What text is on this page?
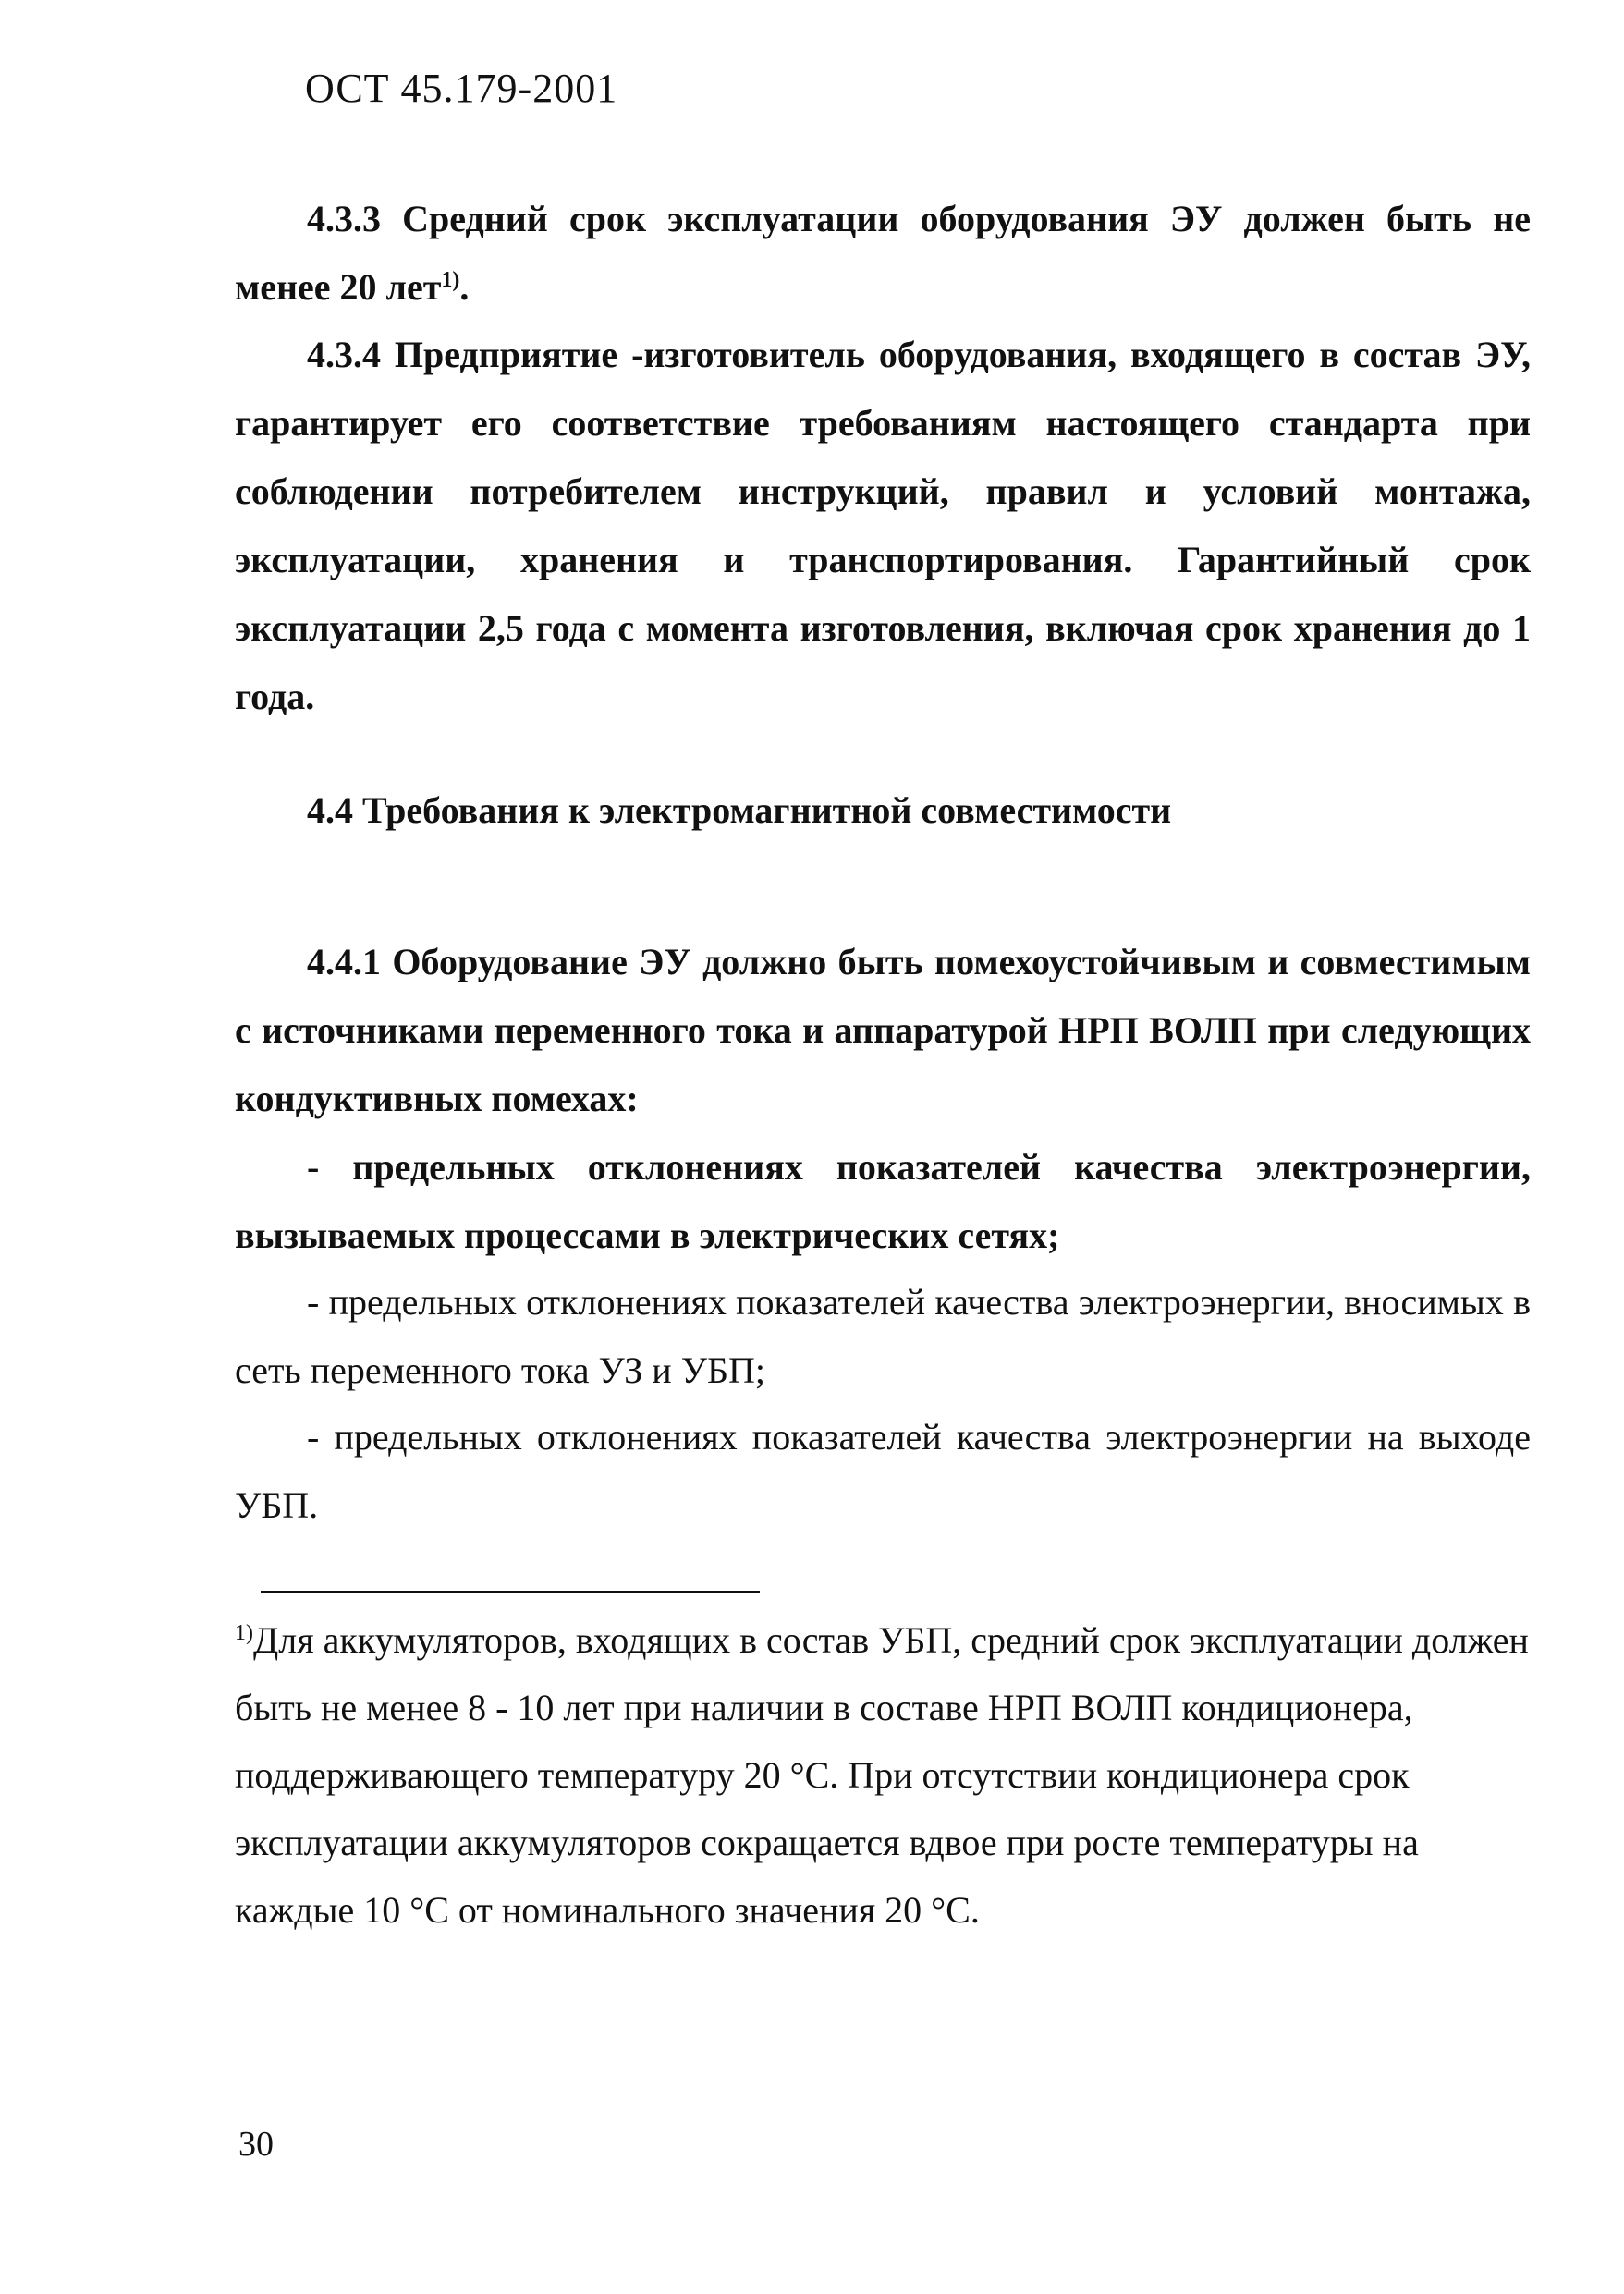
ОСТ 45.179-2001

4.3.3 Средний срок эксплуатации оборудования ЭУ должен быть не менее 20 лет$^{1)}$.

4.3.4 Предприятие -изготовитель оборудования, входящего в состав ЭУ, гарантирует его соответствие требованиям настоящего стандарта при соблюдении потребителем инструкций, правил и условий монтажа, эксплуатации, хранения и транспортирования. Гарантийный срок эксплуатации 2,5 года с момента изготовления, включая срок хранения до 1 года.

4.4 Требования к электромагнитной совместимости

4.4.1 Оборудование ЭУ должно быть помехоустойчивым и совместимым с источниками переменного тока и аппаратурой НРП ВОЛП при следующих кондуктивных помехах:

- предельных отклонениях показателей качества электроэнергии, вызываемых процессами в электрических сетях;

- предельных отклонениях показателей качества электроэнергии, вносимых в сеть переменного тока УЗ и УБП;

- предельных отклонениях показателей качества электроэнергии на выходе УБП.

$^{1)}$Для аккумуляторов, входящих в состав УБП, средний срок эксплуатации должен быть не менее 8 - 10 лет при наличии в составе НРП ВОЛП кондиционера, поддерживающего температуру 20 °С. При отсутствии кондиционера срок эксплуатации аккумуляторов сокращается вдвое при росте температуры на каждые 10 °С от номинального значения 20 °С.

30
